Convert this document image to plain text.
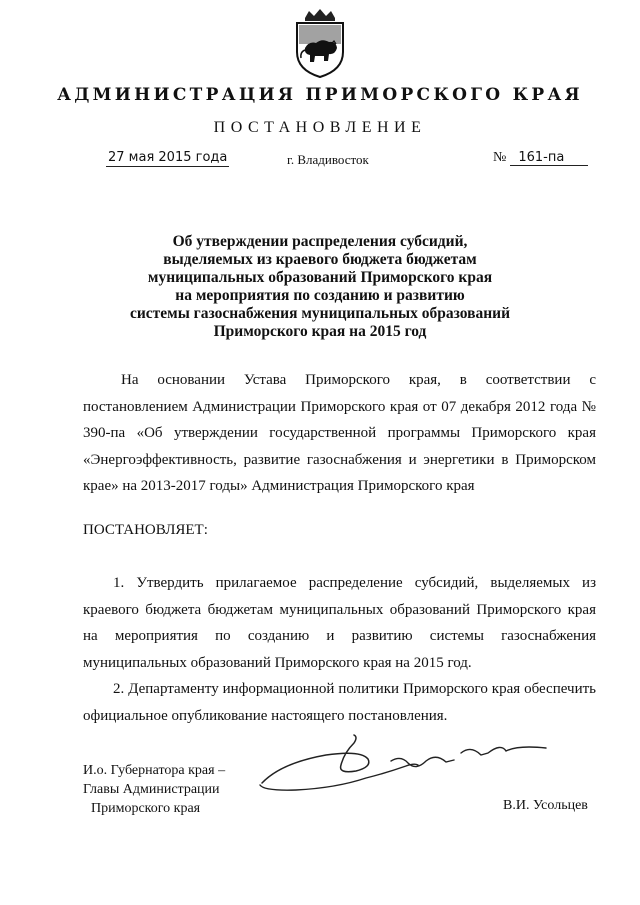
АДМИНИСТРАЦИЯ ПРИМОРСКОГО КРАЯ
ПОСТАНОВЛЕНИЕ
27 мая 2015 года	г. Владивосток	№ 161-па
Об утверждении распределения субсидий,
выделяемых из краевого бюджета бюджетам
муниципальных образований Приморского края
на мероприятия по созданию и развитию
системы газоснабжения муниципальных образований
Приморского края на 2015 год
На основании Устава Приморского края, в соответствии с постановлением Администрации Приморского края от 07 декабря 2012 года № 390-па «Об утверждении государственной программы Приморского края «Энергоэффективность, развитие газоснабжения и энергетики в Приморском крае» на 2013-2017 годы» Администрация Приморского края
ПОСТАНОВЛЯЕТ:
1. Утвердить прилагаемое распределение субсидий, выделяемых из краевого бюджета бюджетам муниципальных образований Приморского края на мероприятия по созданию и развитию системы газоснабжения муниципальных образований Приморского края на 2015 год.
2. Департаменту информационной политики Приморского края обеспечить официальное опубликование настоящего постановления.
И.о. Губернатора края –
Главы Администрации
Приморского края	В.И. Усольцев
